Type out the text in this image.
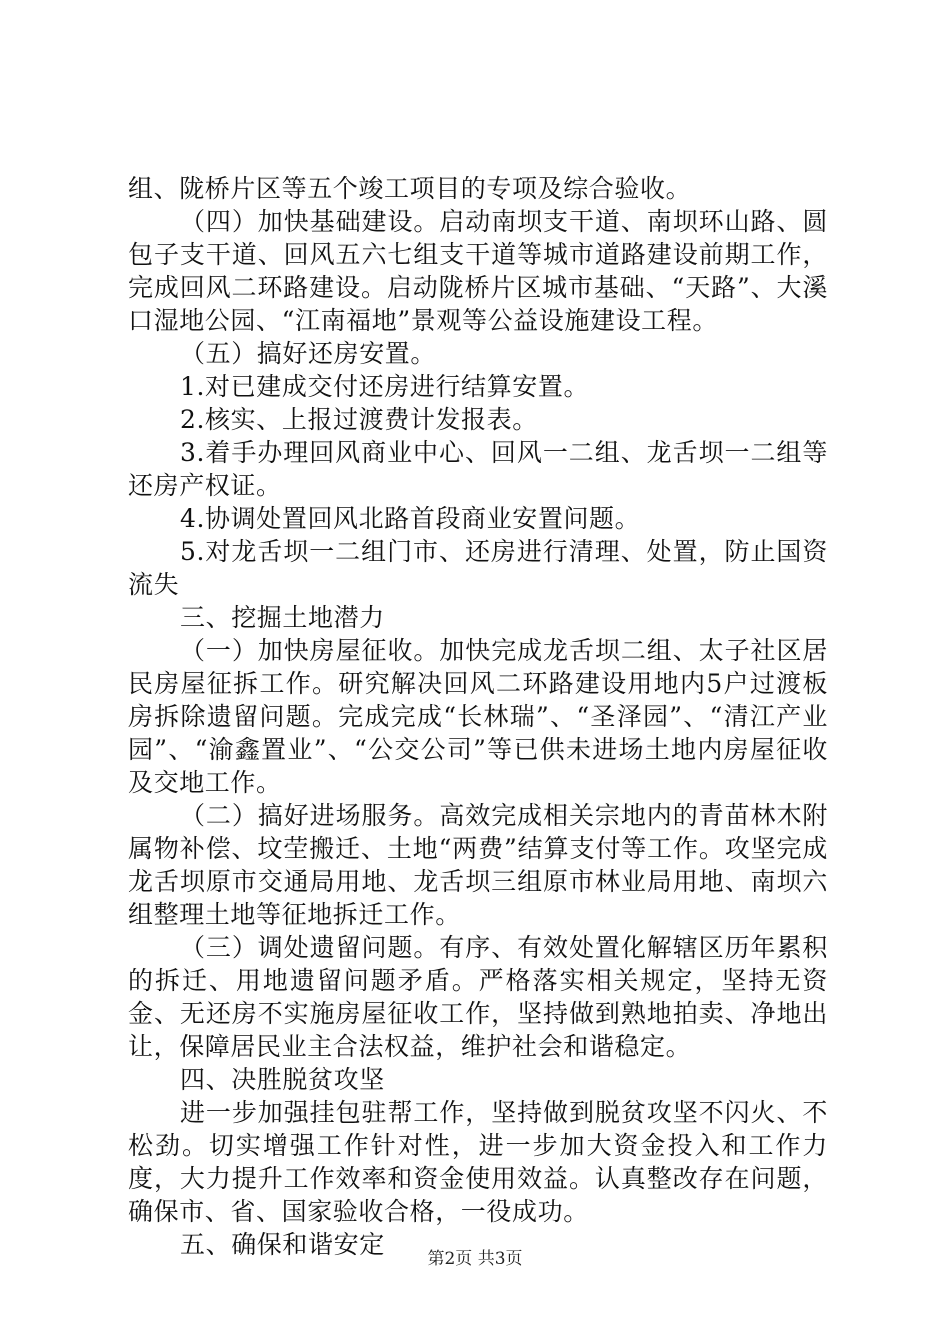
组、陇桥片区等五个竣工项目的专项及综合验收。

（四）加快基础建设。启动南坝支干道、南坝环山路、圆包子支干道、回风五六七组支干道等城市道路建设前期工作，完成回风二环路建设。启动陇桥片区城市基础、“天路”、大溪口湿地公园、“江南福地”景观等公益设施建设工程。

（五）搞好还房安置。

1.对已建成交付还房进行结算安置。

2.核实、上报过渡费计发报表。

3.着手办理回风商业中心、回风一二组、龙舌坝一二组等还房产权证。

4.协调处置回风北路首段商业安置问题。

5.对龙舌坝一二组门市、还房进行清理、处置，防止国资流失

三、挖掘土地潜力

（一）加快房屋征收。加快完成龙舌坝二组、太子社区居民房屋征拆工作。研究解决回风二环路建设用地内5户过渡板房拆除遗留问题。完成完成“长林瑞”、“圣泽园”、“清江产业园”、“渝鑫置业”、“公交公司”等已供未进场土地内房屋征收及交地工作。

（二）搞好进场服务。高效完成相关宗地内的青苗林木附属物补偿、坟茔搬迁、土地“两费”结算支付等工作。攻坚完成龙舌坝原市交通局用地、龙舌坝三组原市林业局用地、南坝六组整理土地等征地拆迁工作。

（三）调处遗留问题。有序、有效处置化解辖区历年累积的拆迁、用地遗留问题矛盾。严格落实相关规定，坚持无资金、无还房不实施房屋征收工作，坚持做到熟地拍卖、净地出让，保障居民业主合法权益，维护社会和谐稳定。

四、决胜脱贫攻坚

进一步加强挂包驻帮工作，坚持做到脱贫攻坚不闪火、不松劲。切实增强工作针对性，进一步加大资金投入和工作力度，大力提升工作效率和资金使用效益。认真整改存在问题，确保市、省、国家验收合格，一役成功。

五、确保和谐安定	第2页 共3页
